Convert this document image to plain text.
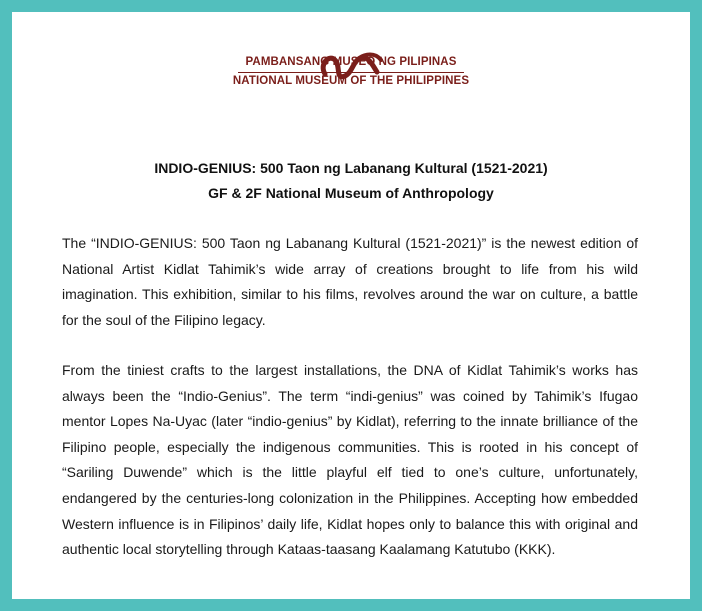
PAMBANSANG MUSEO NG PILIPINAS
NATIONAL MUSEUM OF THE PHILIPPINES
INDIO-GENIUS: 500 Taon ng Labanang Kultural (1521-2021)
GF & 2F National Museum of Anthropology

The “INDIO-GENIUS: 500 Taon ng Labanang Kultural (1521-2021)” is the newest edition of National Artist Kidlat Tahimik’s wide array of creations brought to life from his wild imagination. This exhibition, similar to his films, revolves around the war on culture, a battle for the soul of the Filipino legacy.

From the tiniest crafts to the largest installations, the DNA of Kidlat Tahimik’s works has always been the “Indio-Genius”. The term “indi-genius” was coined by Tahimik’s Ifugao mentor Lopes Na-Uyac (later “indio-genius” by Kidlat), referring to the innate brilliance of the Filipino people, especially the indigenous communities. This is rooted in his concept of “Sariling Duwende” which is the little playful elf tied to one’s culture, unfortunately, endangered by the centuries-long colonization in the Philippines. Accepting how embedded Western influence is in Filipinos’ daily life, Kidlat hopes only to balance this with original and authentic local storytelling through Kataas-taasang Kaalamang Katutubo (KKK).
